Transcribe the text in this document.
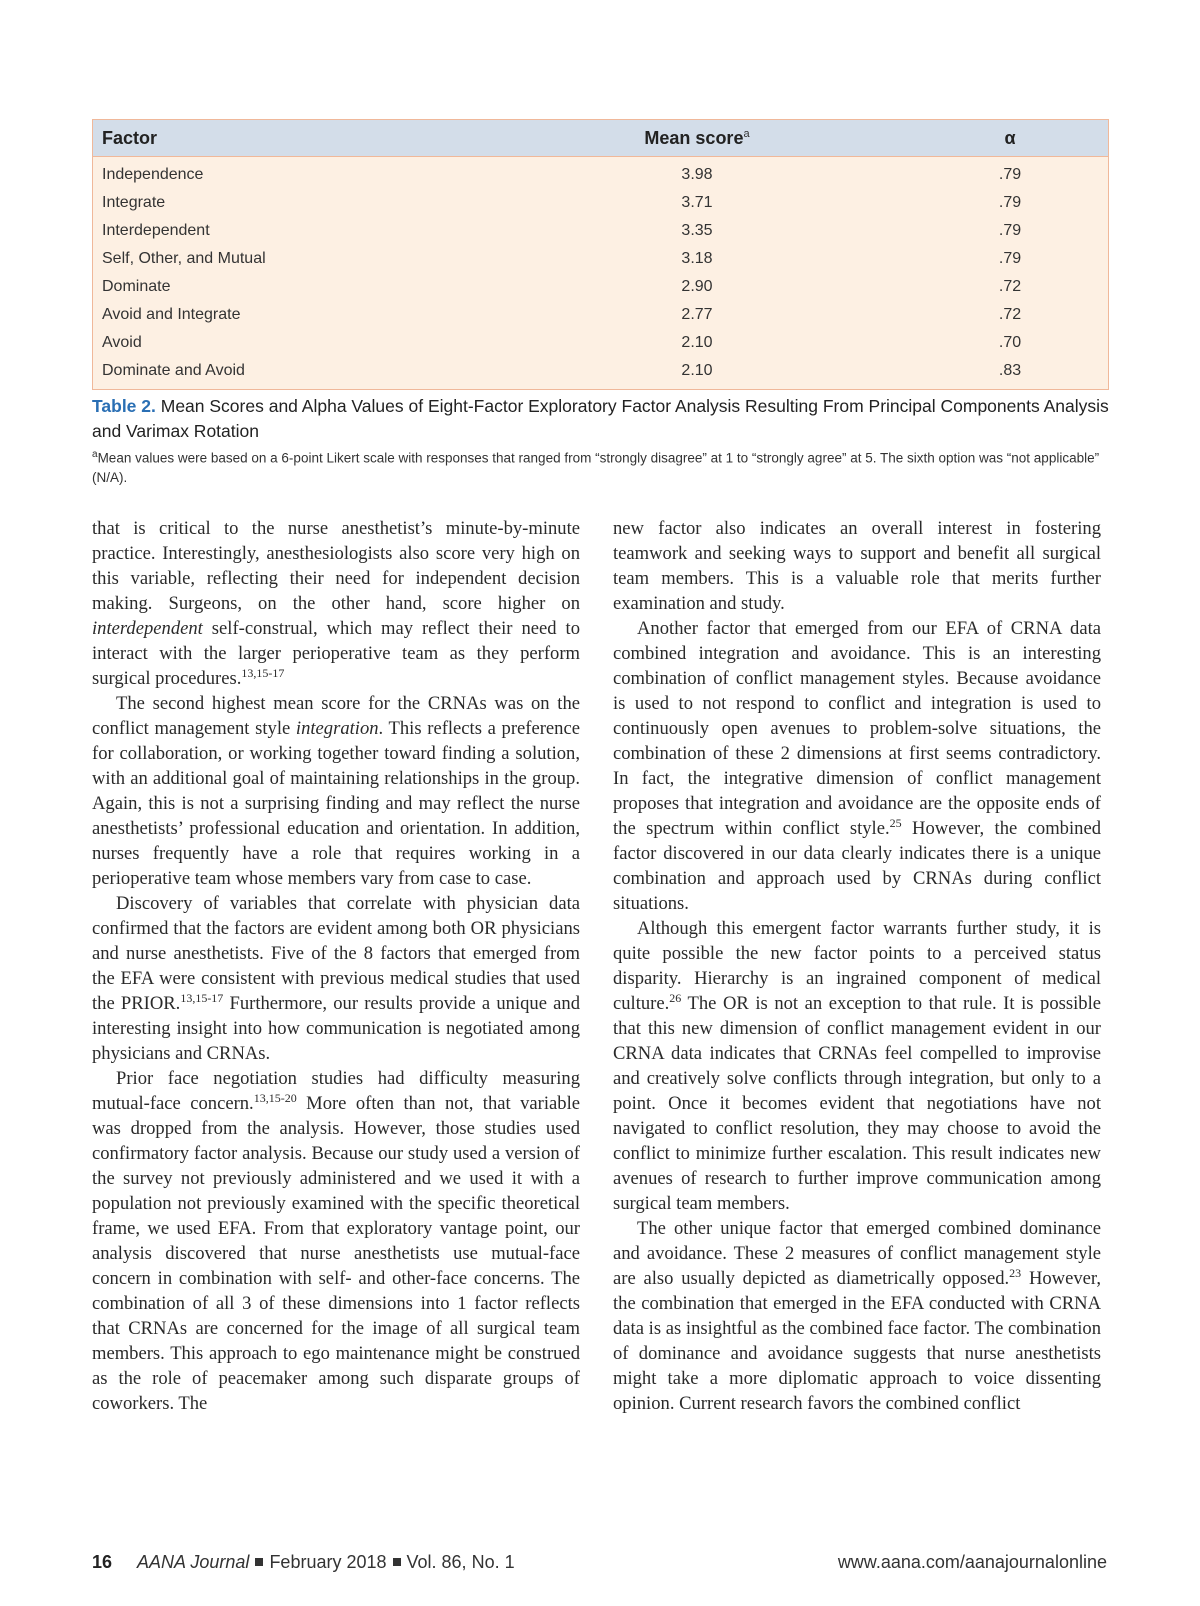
Factor	Mean score$^a$	α
Independence	3.98	.79
Integrate	3.71	.79
Interdependent	3.35	.79
Self, Other, and Mutual	3.18	.79
Dominate	2.90	.72
Avoid and Integrate	2.77	.72
Avoid	2.10	.70
Dominate and Avoid	2.10	.83
Table 2. Mean Scores and Alpha Values of Eight-Factor Exploratory Factor Analysis Resulting From Principal Components Analysis and Varimax Rotation
$^a$Mean values were based on a 6-point Likert scale with responses that ranged from “strongly disagree” at 1 to “strongly agree” at 5. The sixth option was “not applicable” (N/A).

that is critical to the nurse anesthetist’s minute-by-minute practice. Interestingly, anesthesiologists also score very high on this variable, reflecting their need for independent decision making. Surgeons, on the other hand, score higher on interdependent self-construal, which may reflect their need to interact with the larger perioperative team as they perform surgical procedures.$^{13,15-17}$

The second highest mean score for the CRNAs was on the conflict management style integration. This reflects a preference for collaboration, or working together toward finding a solution, with an additional goal of maintaining relationships in the group. Again, this is not a surprising finding and may reflect the nurse anesthetists’ professional education and orientation. In addition, nurses frequently have a role that requires working in a perioperative team whose members vary from case to case.

Discovery of variables that correlate with physician data confirmed that the factors are evident among both OR physicians and nurse anesthetists. Five of the 8 factors that emerged from the EFA were consistent with previous medical studies that used the PRIOR.$^{13,15-17}$ Furthermore, our results provide a unique and interesting insight into how communication is negotiated among physicians and CRNAs.

Prior face negotiation studies had difficulty measuring mutual-face concern.$^{13,15-20}$ More often than not, that variable was dropped from the analysis. However, those studies used confirmatory factor analysis. Because our study used a version of the survey not previously administered and we used it with a population not previously examined with the specific theoretical frame, we used EFA. From that exploratory vantage point, our analysis discovered that nurse anesthetists use mutual-face concern in combination with self- and other-face concerns. The combination of all 3 of these dimensions into 1 factor reflects that CRNAs are concerned for the image of all surgical team members. This approach to ego maintenance might be construed as the role of peacemaker among such disparate groups of coworkers. The

new factor also indicates an overall interest in fostering teamwork and seeking ways to support and benefit all surgical team members. This is a valuable role that merits further examination and study.

Another factor that emerged from our EFA of CRNA data combined integration and avoidance. This is an interesting combination of conflict management styles. Because avoidance is used to not respond to conflict and integration is used to continuously open avenues to problem-solve situations, the combination of these 2 dimensions at first seems contradictory. In fact, the integrative dimension of conflict management proposes that integration and avoidance are the opposite ends of the spectrum within conflict style.$^{25}$ However, the combined factor discovered in our data clearly indicates there is a unique combination and approach used by CRNAs during conflict situations.

Although this emergent factor warrants further study, it is quite possible the new factor points to a perceived status disparity. Hierarchy is an ingrained component of medical culture.$^{26}$ The OR is not an exception to that rule. It is possible that this new dimension of conflict management evident in our CRNA data indicates that CRNAs feel compelled to improvise and creatively solve conflicts through integration, but only to a point. Once it becomes evident that negotiations have not navigated to conflict resolution, they may choose to avoid the conflict to minimize further escalation. This result indicates new avenues of research to further improve communication among surgical team members.

The other unique factor that emerged combined dominance and avoidance. These 2 measures of conflict management style are also usually depicted as diametrically opposed.$^{23}$ However, the combination that emerged in the EFA conducted with CRNA data is as insightful as the combined face factor. The combination of dominance and avoidance suggests that nurse anesthetists might take a more diplomatic approach to voice dissenting opinion. Current research favors the combined conflict

16 AANA Journal February 2018 Vol. 86, No. 1	www.aana.com/aanajournalonline
